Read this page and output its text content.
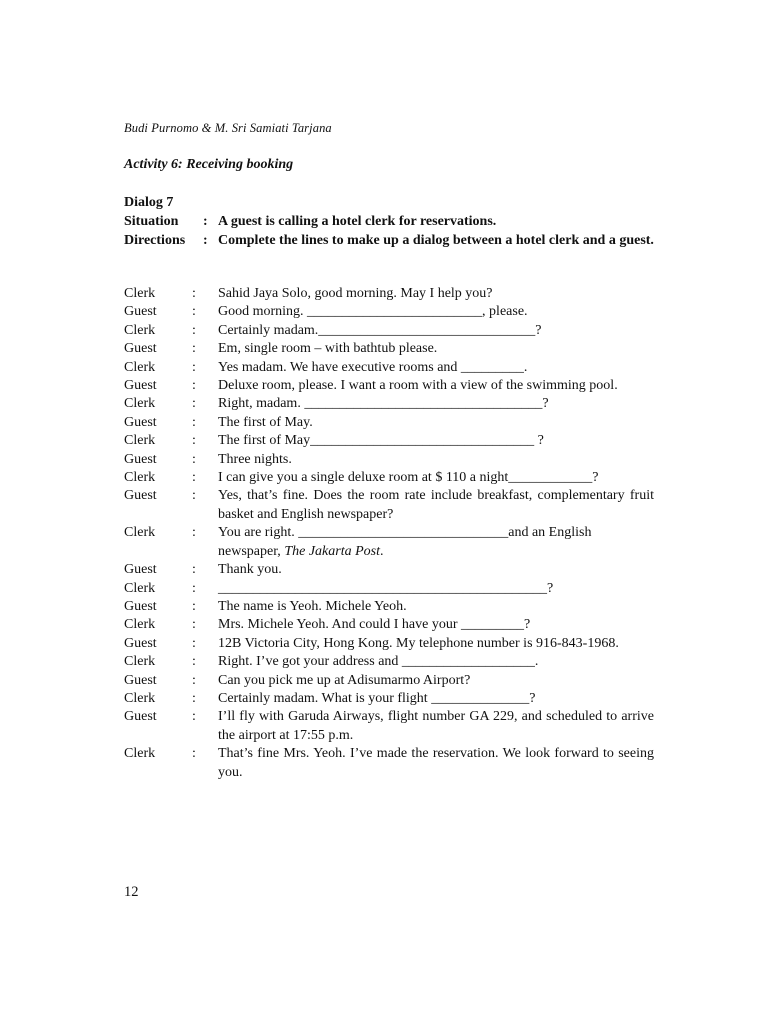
Budi Purnomo & M. Sri Samiati Tarjana
Activity 6: Receiving booking
Dialog 7
Situation	: A guest is calling a hotel clerk for reservations.
Directions	: Complete the lines to make up a dialog between a hotel clerk and a guest.
Clerk	:	Sahid Jaya Solo, good morning. May I help you?
Guest	:	Good morning. _________________________, please.
Clerk	:	Certainly madam._______________________________?
Guest	:	Em, single room – with bathtub please.
Clerk	:	Yes madam. We have executive rooms and _________.
Guest	:	Deluxe room, please. I want a room with a view of the swimming pool.
Clerk	:	Right, madam. __________________________________?
Guest	:	The first of May.
Clerk	:	The first of May________________________________ ?
Guest	:	Three nights.
Clerk	:	I can give you a single deluxe room at $ 110 a night____________?
Guest	:	Yes, that’s fine. Does the room rate include breakfast, complementary fruit basket and English newspaper?
Clerk	:	You are right. ______________________________and an English newspaper, The Jakarta Post.
Guest	:	Thank you.
Clerk	:	_______________________________________________?
Guest	:	The name is Yeoh. Michele Yeoh.
Clerk	:	Mrs. Michele Yeoh. And could I have your _________?
Guest	:	12B Victoria City, Hong Kong. My telephone number is 916-843-1968.
Clerk	:	Right. I’ve got your address and ___________________.
Guest	:	Can you pick me up at Adisumarmo Airport?
Clerk	:	Certainly madam. What is your flight ______________?
Guest	:	I’ll fly with Garuda Airways, flight number GA 229, and scheduled to arrive the airport at 17:55 p.m.
Clerk	:	That’s fine Mrs. Yeoh. I’ve made the reservation. We look forward to seeing you.
12
